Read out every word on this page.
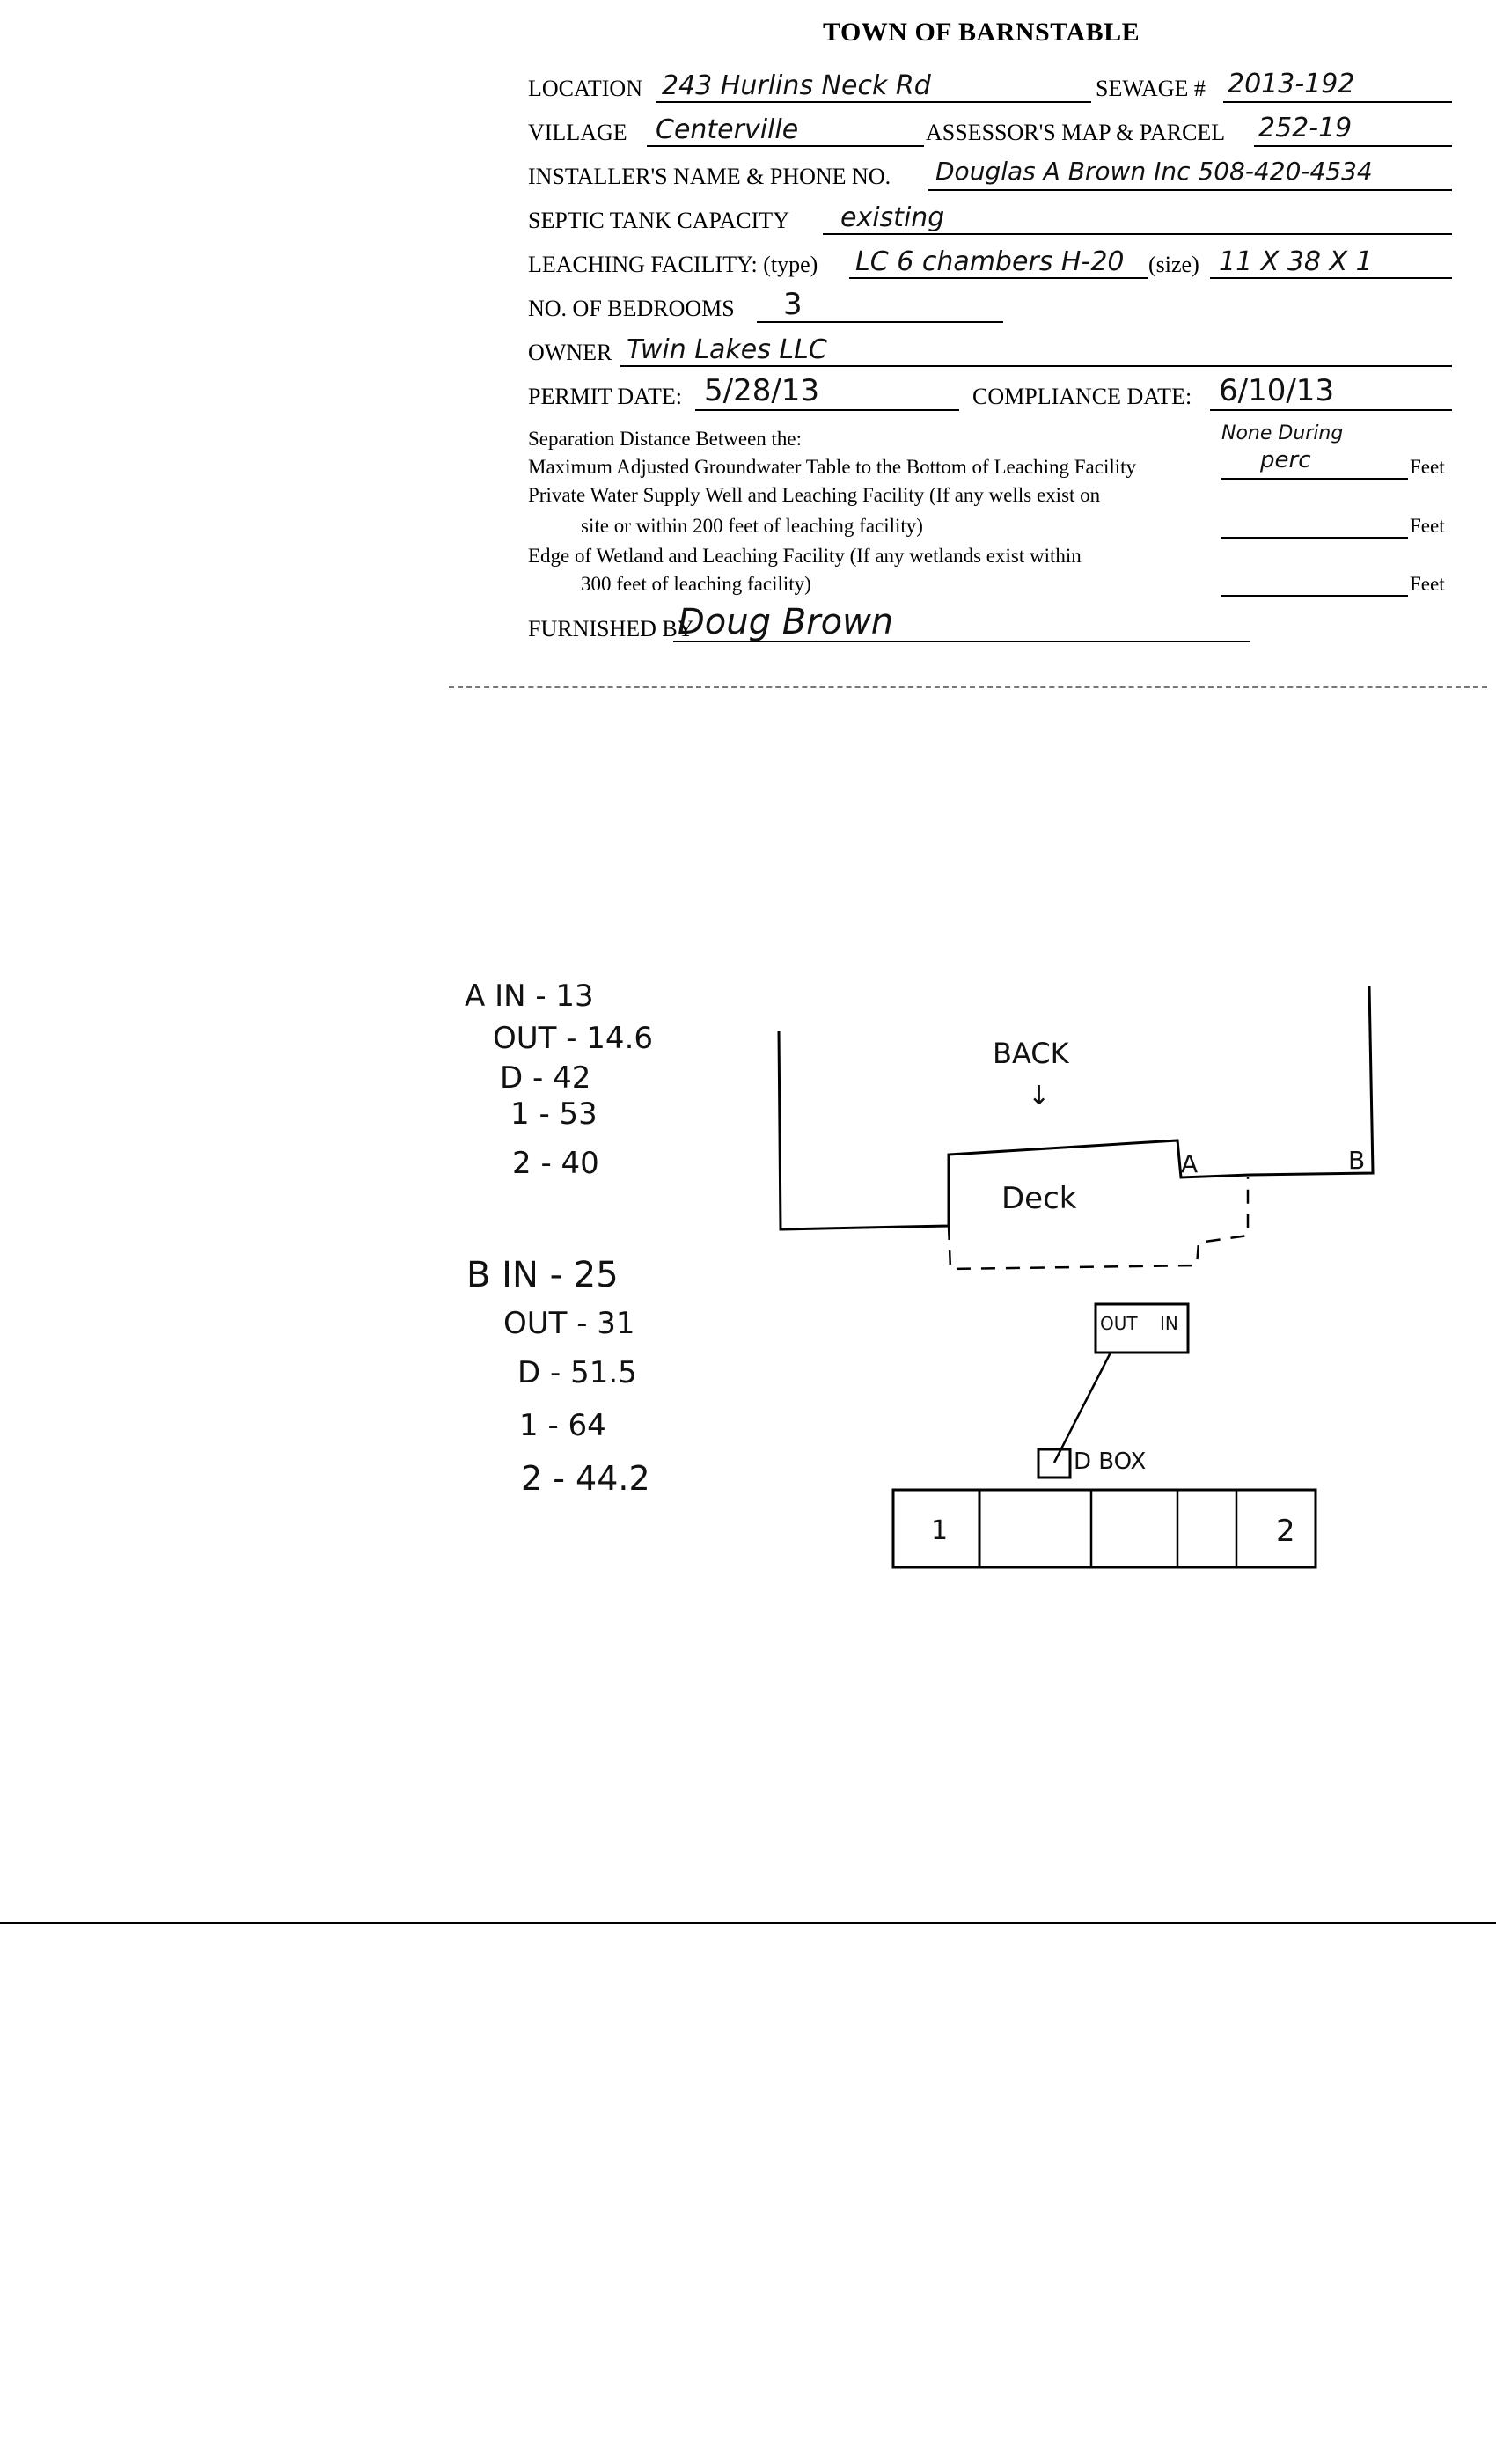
TOWN OF BARNSTABLE
LOCATION 243 Hurlins Neck Rd	SEWAGE # 2013-192
VILLAGE Centerville	ASSESSOR'S MAP & PARCEL 252-19
INSTALLER'S NAME & PHONE NO. Douglas A Brown Inc 508-420-4534
SEPTIC TANK CAPACITY existing
LEACHING FACILITY: (type) LC 6 chambers H-20 (size) 11 X 38 X 1
NO. OF BEDROOMS 3
OWNER Twin Lakes LLC
PERMIT DATE: 5/28/13	COMPLIANCE DATE: 6/10/13
Separation Distance Between the:	None During
Maximum Adjusted Groundwater Table to the Bottom of Leaching Facility	perc	Feet
Private Water Supply Well and Leaching Facility (If any wells exist on
site or within 200 feet of leaching facility)	Feet
Edge of Wetland and Leaching Facility (If any wetlands exist within
300 feet of leaching facility)	Feet
FURNISHED BY
Doug Brown
A IN - 13
OUT - 14.6
D - 42
1 - 53
2 - 40
B IN - 25
OUT - 31
D - 51.5
1 - 64
2 - 44.2
BACK
↓
Deck
A	B
OUT IN
D BOX
1	2
